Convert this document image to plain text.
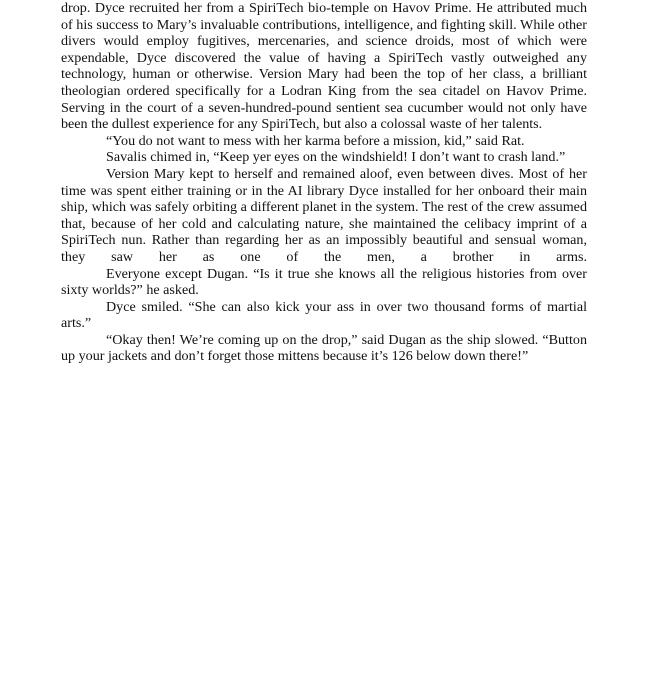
drop. Dyce recruited her from a SpiriTech bio-temple on Havov Prime. He attributed much of his success to Mary’s invaluable contributions, intelligence, and fighting skill. While other divers would employ fugitives, mercenaries, and science droids, most of which were expendable, Dyce discovered the value of having a SpiriTech vastly outweighed any technology, human or otherwise. Version Mary had been the top of her class, a brilliant theologian ordered specifically for a Lodran King from the sea citadel on Havov Prime. Serving in the court of a seven-hundred-pound sentient sea cucumber would not only have been the dullest experience for any SpiriTech, but also a colossal waste of her talents.

“You do not want to mess with her karma before a mission, kid,” said Rat.

Savalis chimed in, “Keep yer eyes on the windshield! I don’t want to crash land.”

Version Mary kept to herself and remained aloof, even between dives. Most of her time was spent either training or in the AI library Dyce installed for her onboard their main ship, which was safely orbiting a different planet in the system. The rest of the crew assumed that, because of her cold and calculating nature, she maintained the celibacy imprint of a SpiriTech nun. Rather than regarding her as an impossibly beautiful and sensual woman, they saw her as one of the men, a brother in arms.

Everyone except Dugan. “Is it true she knows all the religious histories from over sixty worlds?” he asked.

Dyce smiled. “She can also kick your ass in over two thousand forms of martial arts.”

“Okay then! We’re coming up on the drop,” said Dugan as the ship slowed. “Button up your jackets and don’t forget those mittens because it’s 126 below down there!”
